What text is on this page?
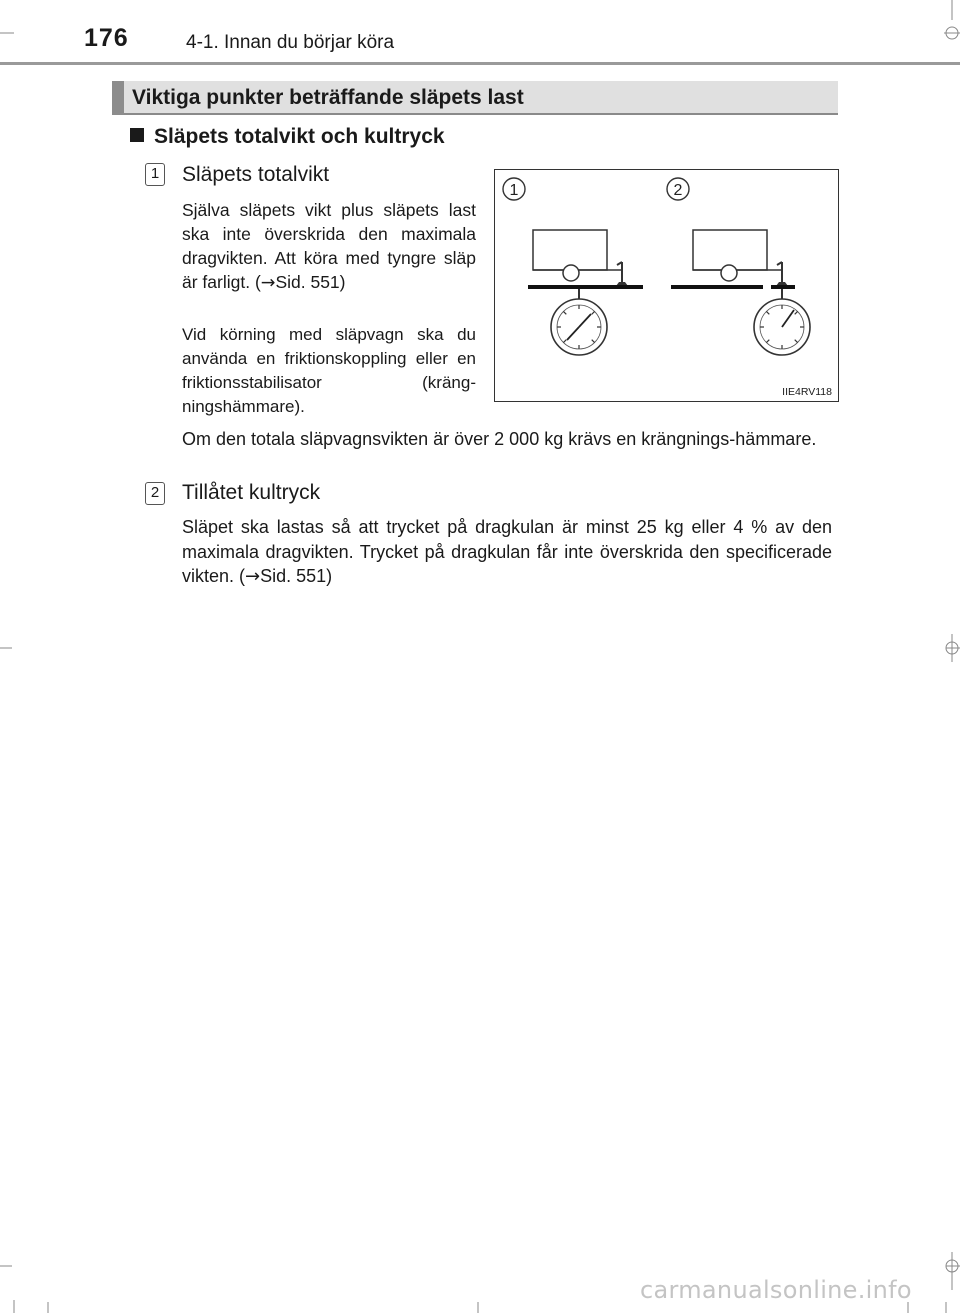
176	4-1. Innan du börjar köra
Viktiga punkter beträffande släpets last
Släpets totalvikt och kultryck
1 Släpets totalvikt
Själva släpets vikt plus släpets last ska inte överskrida den maximala dragvikten. Att köra med tyngre släp är farligt. (→Sid. 551)
Vid körning med släpvagn ska du använda en friktionskoppling eller en friktionsstabilisator (kräng-ningshämmare).
Om den totala släpvagnsvikten är över 2 000 kg krävs en krängnings-hämmare.
2 Tillåtet kultryck
Släpet ska lastas så att trycket på dragkulan är minst 25 kg eller 4 % av den maximala dragvikten. Trycket på dragkulan får inte överskrida den specificerade vikten. (→Sid. 551)
1	2
IIE4RV118
carmanualsonline.info
